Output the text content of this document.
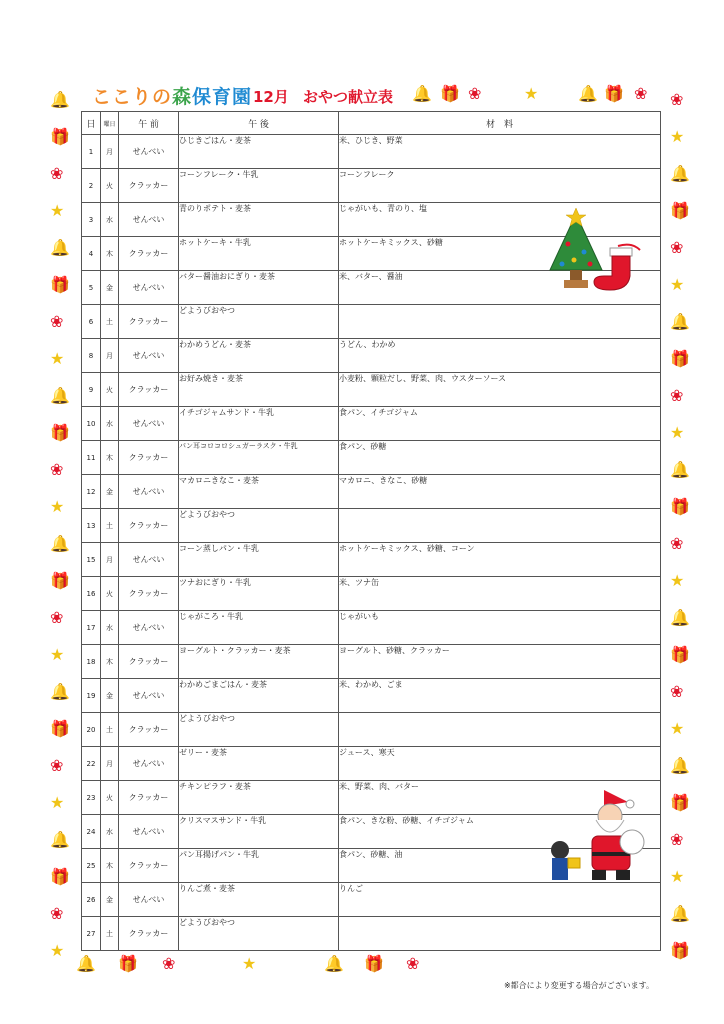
ここりの森保育園 12月 おやつ献立表
日	曜日	午 前	午 後	材　料
1	月	せんべい	ひじきごはん・麦茶	米、ひじき、野菜
2	火	クラッカー	コーンフレーク・牛乳	コーンフレーク
3	水	せんべい	青のりポテト・麦茶	じゃがいも、青のり、塩
4	木	クラッカー	ホットケーキ・牛乳	ホットケーキミックス、砂糖
5	金	せんべい	バター醤油おにぎり・麦茶	米、バター、醤油
6	土	クラッカー	どようびおやつ	
8	月	せんべい	わかめうどん・麦茶	うどん、わかめ
9	火	クラッカー	お好み焼き・麦茶	小麦粉、顆粒だし、野菜、肉、ウスターソース
10	水	せんべい	イチゴジャムサンド・牛乳	食パン、イチゴジャム
11	木	クラッカー	パン耳コロコロシュガーラスク・牛乳	食パン、砂糖
12	金	せんべい	マカロニきなこ・麦茶	マカロニ、きなこ、砂糖
13	土	クラッカー	どようびおやつ	
15	月	せんべい	コーン蒸しパン・牛乳	ホットケーキミックス、砂糖、コーン
16	火	クラッカー	ツナおにぎり・牛乳	米、ツナ缶
17	水	せんべい	じゃがころ・牛乳	じゃがいも
18	木	クラッカー	ヨーグルト・クラッカー・麦茶	ヨーグルト、砂糖、クラッカー
19	金	せんべい	わかめごまごはん・麦茶	米、わかめ、ごま
20	土	クラッカー	どようびおやつ	
22	月	せんべい	ゼリー・麦茶	ジュース、寒天
23	火	クラッカー	チキンピラフ・麦茶	米、野菜、肉、バター
24	水	せんべい	クリスマスサンド・牛乳	食パン、きな粉、砂糖、イチゴジャム
25	木	クラッカー	パン耳揚げパン・牛乳	食パン、砂糖、油
26	金	せんべい	りんご煮・麦茶	りんご
27	土	クラッカー	どようびおやつ	
※都合により変更する場合がございます。
🔔
🎁
❀
★
🔔
🎁
❀
★
🔔
🎁
❀
★
🔔
🎁
❀
★
🔔
🎁
❀
★
🔔
🎁
❀
★
❀
★
🔔
🎁
❀
★
🔔
🎁
❀
★
🔔
🎁
❀
★
🔔
🎁
❀
★
🔔
🎁
❀
★
🔔
🎁
🔔 🎁 ❀	★ 🔔 🎁 ❀
🔔 🎁 ❀	★	🔔 🎁 ❀
